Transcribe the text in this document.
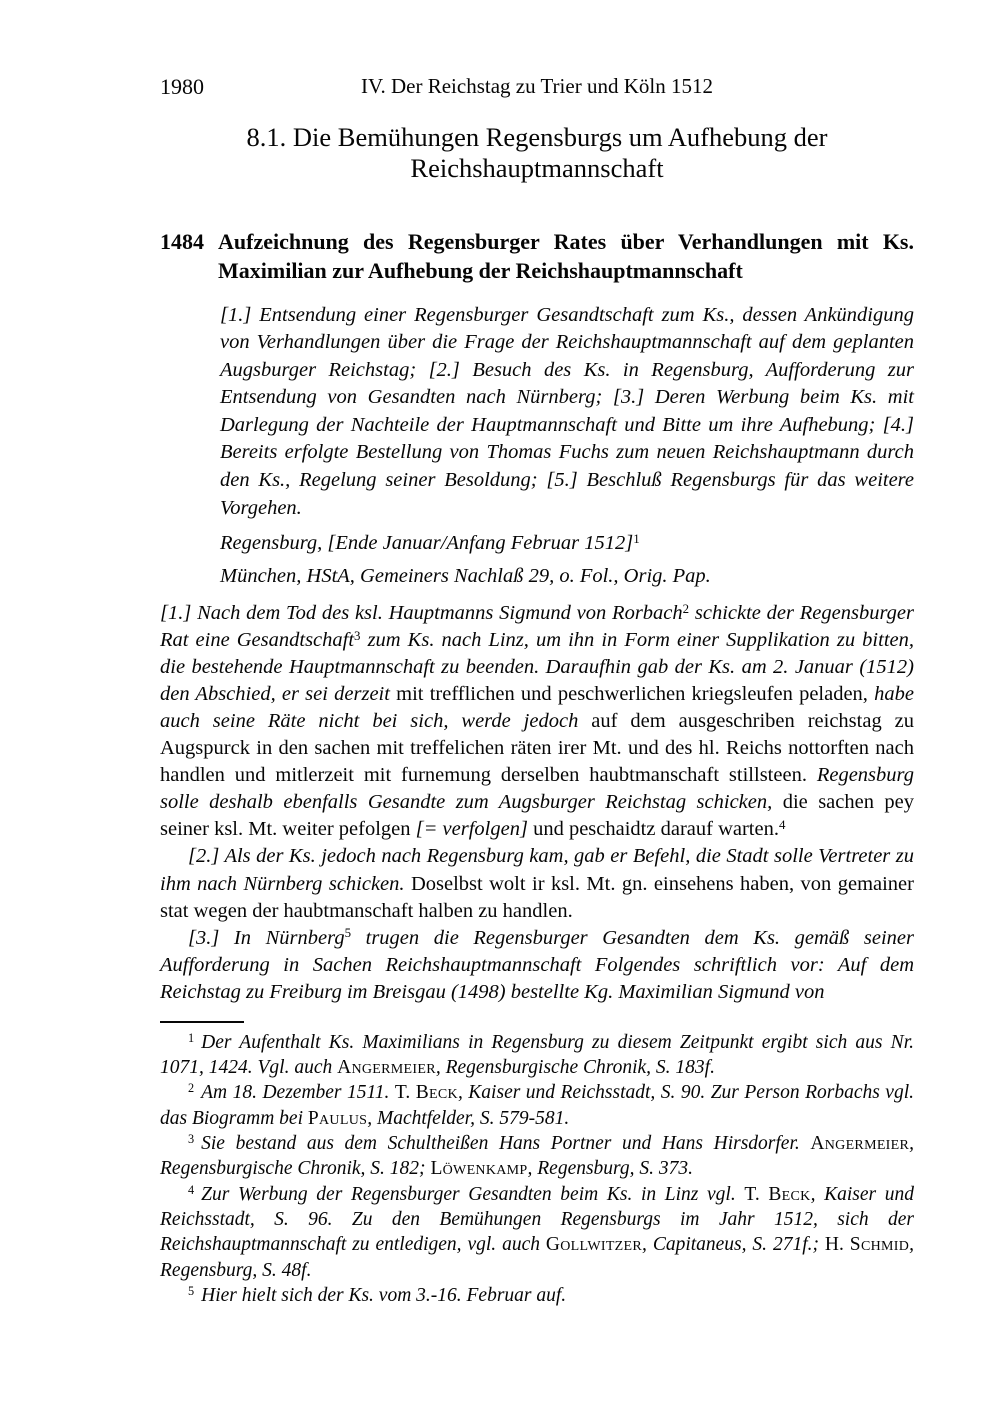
1980	IV. Der Reichstag zu Trier und Köln 1512
8.1. Die Bemühungen Regensburgs um Aufhebung der Reichshauptmannschaft
1484 Aufzeichnung des Regensburger Rates über Verhandlungen mit Ks. Maximilian zur Aufhebung der Reichshauptmannschaft
[1.] Entsendung einer Regensburger Gesandtschaft zum Ks., dessen Ankündigung von Verhandlungen über die Frage der Reichshauptmannschaft auf dem geplanten Augsburger Reichstag; [2.] Besuch des Ks. in Regensburg, Aufforderung zur Entsendung von Gesandten nach Nürnberg; [3.] Deren Werbung beim Ks. mit Darlegung der Nachteile der Hauptmannschaft und Bitte um ihre Aufhebung; [4.] Bereits erfolgte Bestellung von Thomas Fuchs zum neuen Reichshauptmann durch den Ks., Regelung seiner Besoldung; [5.] Beschluß Regensburgs für das weitere Vorgehen.
Regensburg, [Ende Januar/Anfang Februar 1512]$^1$
München, HStA, Gemeiners Nachlaß 29, o. Fol., Orig. Pap.

[1.] Nach dem Tod des ksl. Hauptmanns Sigmund von Rorbach$^2$ schickte der Regensburger Rat eine Gesandtschaft$^3$ zum Ks. nach Linz, um ihn in Form einer Supplikation zu bitten, die bestehende Hauptmannschaft zu beenden. Daraufhin gab der Ks. am 2. Januar (1512) den Abschied, er sei derzeit mit trefflichen und peschwerlichen kriegsleufen peladen, habe auch seine Räte nicht bei sich, werde jedoch auf dem ausgeschriben reichstag zu Augspurck in den sachen mit treffelichen räten irer Mt. und des hl. Reichs nottorften nach handlen und mitlerzeit mit furnemung derselben haubtmanschaft stillsteen. Regensburg solle deshalb ebenfalls Gesandte zum Augsburger Reichstag schicken, die sachen pey seiner ksl. Mt. weiter pefolgen [= verfolgen] und peschaidtz darauf warten.$^4$

[2.] Als der Ks. jedoch nach Regensburg kam, gab er Befehl, die Stadt solle Vertreter zu ihm nach Nürnberg schicken. Doselbst wolt ir ksl. Mt. gn. einsehens haben, von gemainer stat wegen der haubtmanschaft halben zu handlen.

[3.] In Nürnberg$^5$ trugen die Regensburger Gesandten dem Ks. gemäß seiner Aufforderung in Sachen Reichshauptmannschaft Folgendes schriftlich vor: Auf dem Reichstag zu Freiburg im Breisgau (1498) bestellte Kg. Maximilian Sigmund von

$^1$ Der Aufenthalt Ks. Maximilians in Regensburg zu diesem Zeitpunkt ergibt sich aus Nr. 1071, 1424. Vgl. auch Angermeier, Regensburgische Chronik, S. 183f.

$^2$ Am 18. Dezember 1511. T. Beck, Kaiser und Reichsstadt, S. 90. Zur Person Rorbachs vgl. das Biogramm bei Paulus, Machtfelder, S. 579-581.

$^3$ Sie bestand aus dem Schultheißen Hans Portner und Hans Hirsdorfer. Angermeier, Regensburgische Chronik, S. 182; Löwenkamp, Regensburg, S. 373.

$^4$ Zur Werbung der Regensburger Gesandten beim Ks. in Linz vgl. T. Beck, Kaiser und Reichsstadt, S. 96. Zu den Bemühungen Regensburgs im Jahr 1512, sich der Reichshauptmannschaft zu entledigen, vgl. auch Gollwitzer, Capitaneus, S. 271f.; H. Schmid, Regensburg, S. 48f.

$^5$ Hier hielt sich der Ks. vom 3.-16. Februar auf.
